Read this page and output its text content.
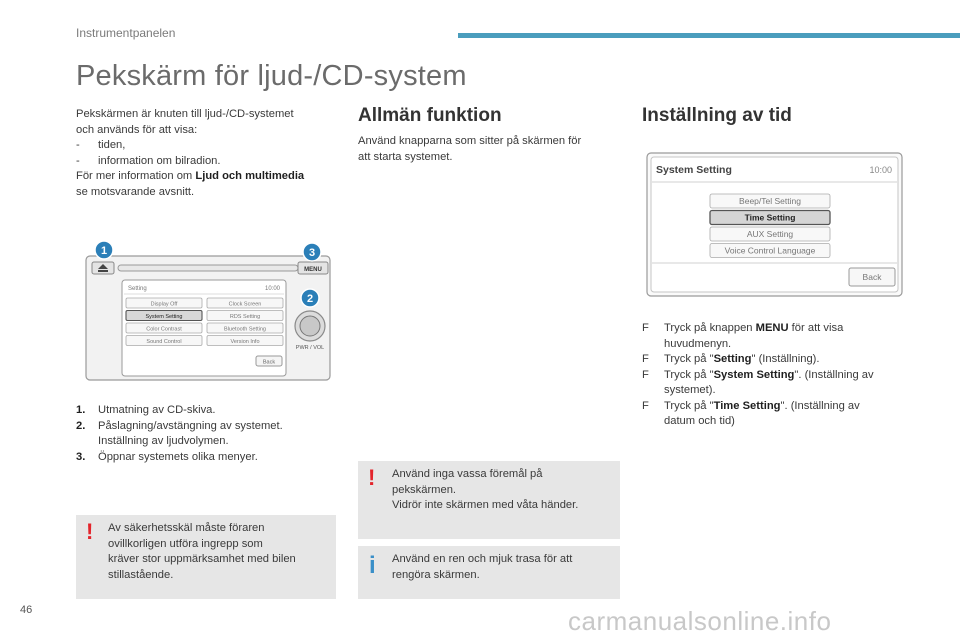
Instrumentpanelen
Pekskärm för ljud-/CD-system
Pekskärmen är knuten till ljud-/CD-systemet
och används för att visa:
-	tiden,
-	information om bilradion.
För mer information om Ljud och multimedia
se motsvarande avsnitt.
MENU
Setting	10:00
Display Off
System Setting
Color Contrast
Sound Control
Clock Screen
RDS Setting
Bluetooth Setting
Version Info
Back
PWR / VOL
1
2
3
1.	Utmatning av CD-skiva.
2.	Påslagning/avstängning av systemet.
Inställning av ljudvolymen.
3.	Öppnar systemets olika menyer.
! Av säkerhetsskäl måste föraren
ovillkorligen utföra ingrepp som
kräver stor uppmärksamhet med bilen
stillastående.
Allmän funktion
Använd knapparna som sitter på skärmen för
att starta systemet.
! Använd inga vassa föremål på
pekskärmen.
Vidrör inte skärmen med våta händer.
i Använd en ren och mjuk trasa för att
rengöra skärmen.
Inställning av tid
System Setting	10:00
Beep/Tel Setting
Time Setting
AUX Setting
Voice Control Language
Back
F	Tryck på knappen MENU för att visa
huvudmenyn.
F	Tryck på "Setting" (Inställning).
F	Tryck på "System Setting". (Inställning av
systemet).
F	Tryck på "Time Setting". (Inställning av
datum och tid)
46	carmanualsonline.info
